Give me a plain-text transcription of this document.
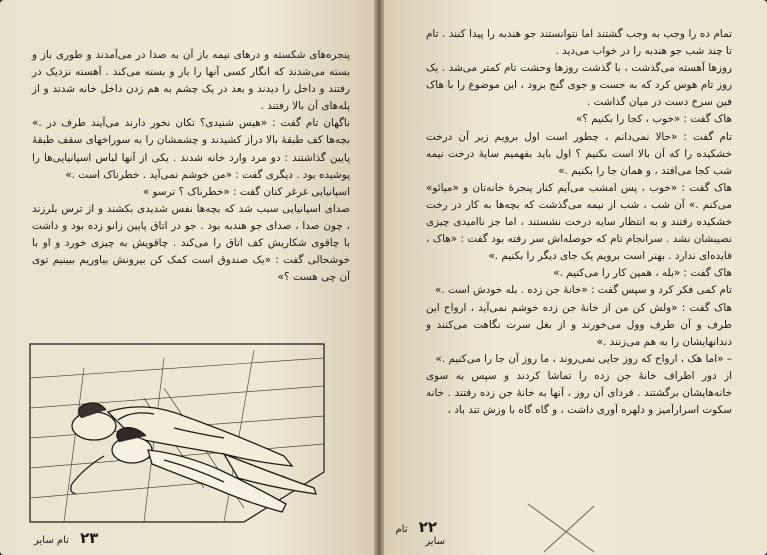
پنجره‌های شکسته و در‌های نیمه باز آن به صدا در می‌آمدند و طوری باز و بسته می‌شدند که انگار کسی آنها را باز و بسته می‌کند . آهسته نزدیک در رفتند و داخل را دیدند و بعد در یک چشم به هم زدن داخل خانه شدند و از پله‌های آن بالا رفتند .

ناگهان تام گفت : «هیس شنیدی؟ تکان نخور دارند می‌آیند طرف در .» بچه‌ها کف طبقهٔ بالا دراز کشیدند و چشمشان را به سوراخهای سقف طبقهٔ پایین گذاشتند : دو مرد وارد خانه شدند . یکی از آنها لباس اسپانیایی‌ها را پوشیده بود . دیگری گفت : «من خوشم نمی‌آید . خطرناک است .»

اسپانیایی غرغر کنان گفت : «خطرناک ؟ ترسو »

صدای اسپانیایی سبب شد که بچه‌ها نفس شدیدی بکشند و از ترس بلرزند ، چون صدا ، صدای جو هندبه بود . جو در اتاق پایین زانو زده بود و داشت با چاقوی شکاریش کف اتاق را می‌کند . چاقویش به چیزی خورد و او با خوشحالی گفت : «یک صندوق است کمک کن بیرونش بیاوریم ببینیم توی آن چی هست ؟»

۲۳ تام سایر

تمام ده را وجب به وجب گشتند اما نتوانستند جو هندبه را پیدا کنند . تام تا چند شب جو هندبه را در خواب می‌دید .

روزها آهسته می‌گذشت ، با گذشت روزها وحشت تام کمتر می‌شد . یک روز تام هوس کرد که به جست و جوی گنج برود ، این موضوع را با هاک فین سرخ دست در میان گذاشت .

هاک گفت : «خوب ، کجا را بکنیم ؟»

تام گفت : «حالا نمی‌دانم ، چطور است اول برویم زیر آن درخت خشکیده را که آن بالا است بکنیم ؟ اول باید بفهمیم سایهٔ درخت نیمه شب کجا می‌افتد ، و همان جا را بکنیم .»

هاک گفت : «خوب ، پس امشب می‌آیم کنار پنجرهٔ خانه‌تان و «میائو» می‌کنم .» آن شب ، شب از نیمه می‌گذشت که بچه‌ها به کار در رخت خشکیده رفتند و به انتظار سایه درخت نشستند ، اما جز ناامیدی چیزی نصیبشان نشد . سرانجام تام که حوصله‌اش سر رفته بود گفت : «هاک ، فایده‌ای ندارد . بهتر است برویم یک جای دیگر را بکنیم .»

هاک گفت : «بله ، همین کار را می‌کنیم .»

تام کمی فکر کرد و سپس گفت : «خانهٔ جن زده . بله خودش است .»

هاک گفت : «ولش کن من از خانهٔ جن زده خوشم نمی‌آید ، ارواح این طرف و آن طرف وول می‌خورند و از بغل سرت نگاهت می‌کنند و دندانهایشان را به هم می‌زنند .»

– «اما هک ، ارواح که روز جایی نمی‌روند ، ما روز آن جا را می‌کنیم .»

از دور اطراف خانهٔ جن زده را تماشا کردند و سپس به سوی خانه‌هایشان برگشتند . فردای آن روز ، آنها به خانهٔ جن زده رفتند . خانه سکوت اسرارآمیز و دلهره آوری داشت ، و گاه گاه با وزش تند باد ،

۲۲ تام سایر
